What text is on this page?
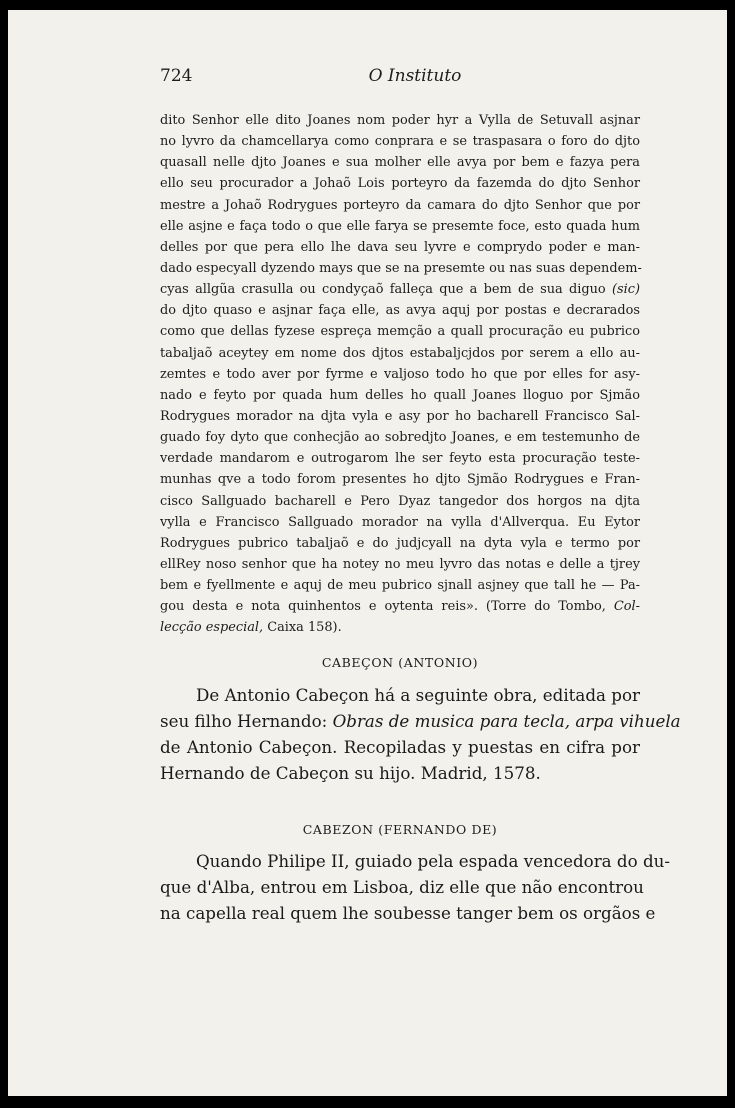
724	O Instituto
dito Senhor elle dito Joanes nom poder hyr a Vylla de Setuvall asjnar
no lyvro da chamcellarya como conprara e se traspasara o foro do djto
quasall nelle djto Joanes e sua molher elle avya por bem e fazya pera
ello seu procurador a Johaõ Lois porteyro da fazemda do djto Senhor
mestre a Johaõ Rodrygues porteyro da camara do djto Senhor que por
elle asjne e faça todo o que elle farya se presemte foce, esto quada hum
delles por que pera ello lhe dava seu lyvre e comprydo poder e man-
dado especyall dyzendo mays que se na presemte ou nas suas dependem-
cyas allgũa crasulla ou condyçaõ falleça que a bem de sua diguo (sic)
do djto quaso e asjnar faça elle, as avya aquj por postas e decrarados
como que dellas fyzese espreça memção a quall procuração eu pubrico
tabaljaõ aceytey em nome dos djtos estabaljcjdos por serem a ello au-
zemtes e todo aver por fyrme e valjoso todo ho que por elles for asy-
nado e feyto por quada hum delles ho quall Joanes lloguo por Sjmão
Rodrygues morador na djta vyla e asy por ho bacharell Francisco Sal-
guado foy dyto que conhecjão ao sobredjto Joanes, e em testemunho de
verdade mandarom e outrogarom lhe ser feyto esta procuração teste-
munhas qve a todo forom presentes ho djto Sjmão Rodrygues e Fran-
cisco Sallguado bacharell e Pero Dyaz tangedor dos horgos na djta
vylla e Francisco Sallguado morador na vylla d'Allverqua. Eu Eytor
Rodrygues pubrico tabaljaõ e do judjcyall na dyta vyla e termo por
ellRey noso senhor que ha notey no meu lyvro das notas e delle a tjrey
bem e fyellmente e aquj de meu pubrico sjnall asjney que tall he — Pa-
gou desta e nota quinhentos e oytenta reis». (Torre do Tombo, Col-
lecção especial, Caixa 158).
CABEÇON (ANTONIO)
De Antonio Cabeçon há a seguinte obra, editada por
seu filho Hernando: Obras de musica para tecla, arpa vihuela
de Antonio Cabeçon. Recopiladas y puestas en cifra por
Hernando de Cabeçon su hijo. Madrid, 1578.
CABEZON (FERNANDO DE)
Quando Philipe II, guiado pela espada vencedora do du-
que d'Alba, entrou em Lisboa, diz elle que não encontrou
na capella real quem lhe soubesse tanger bem os orgãos e
